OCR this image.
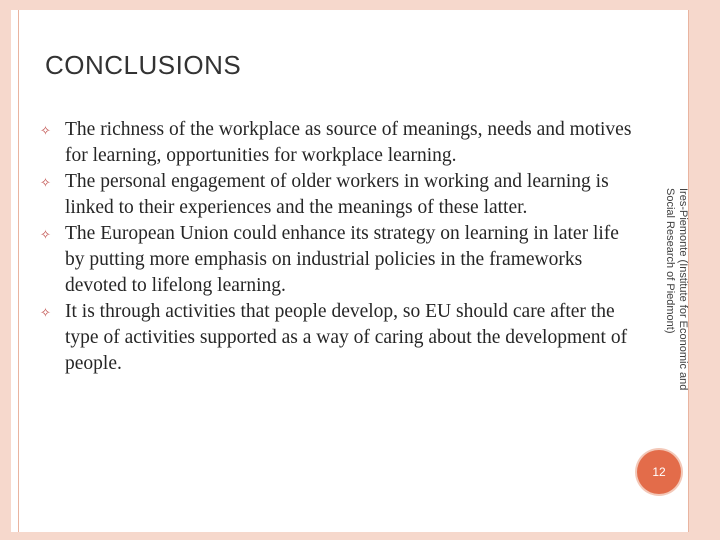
CONCLUSIONS
✧ The richness of the workplace as source of meanings, needs and motives for learning, opportunities for workplace learning.
✧ The personal engagement of older workers in working and learning is linked to their experiences and the meanings of these latter.
✧ The European Union could enhance its strategy on learning in later life by putting more emphasis on industrial policies in the frameworks devoted to lifelong learning.
✧ It is through activities that people develop, so EU should care after the type of activities supported as a way of caring about the development of people.	Ires-Piemonte (Institute for Economic and Social Research of Piedmont)
12
